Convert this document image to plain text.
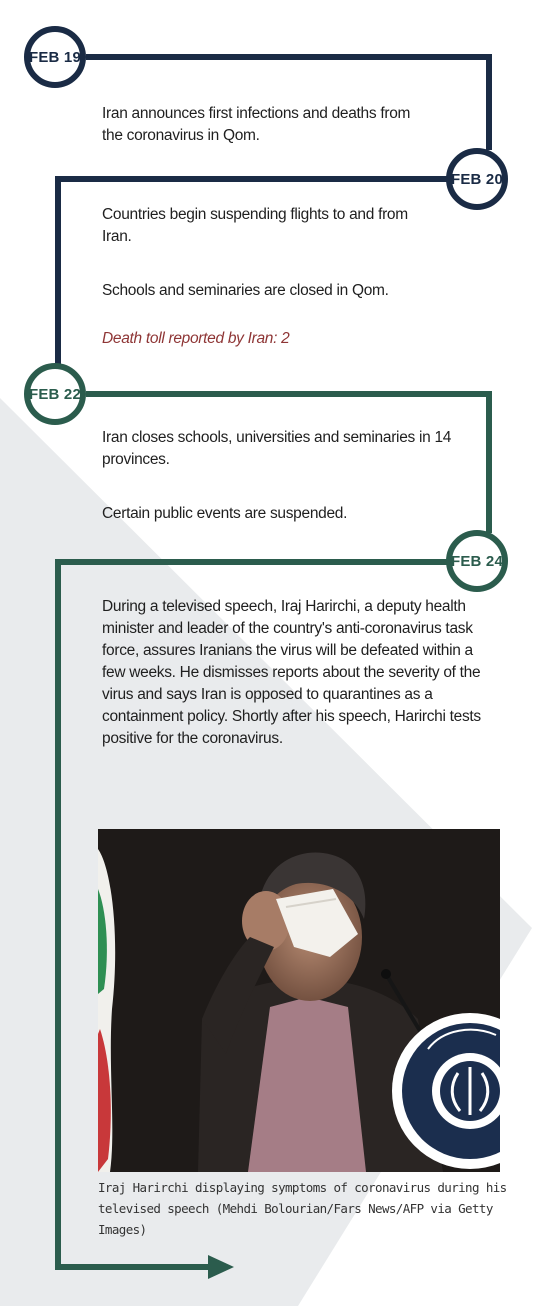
FEB 19
FEB 20
FEB 22
FEB 24

Iran announces first infections and deaths from the coronavirus in Qom.

Countries begin suspending flights to and from Iran.

Schools and seminaries are closed in Qom.

Death toll reported by Iran: 2

Iran closes schools, universities and seminaries in 14 provinces.

Certain public events are suspended.

During a televised speech, Iraj Harirchi, a deputy health minister and leader of the country's anti-coronavirus task force, assures Iranians the virus will be defeated within a few weeks. He dismisses reports about the severity of the virus and says Iran is opposed to quarantines as a containment policy. Shortly after his speech, Harirchi tests positive for the coronavirus.

Iraj Harirchi displaying symptoms of coronavirus during his televised speech (Mehdi Bolourian/Fars News/AFP via Getty Images)
